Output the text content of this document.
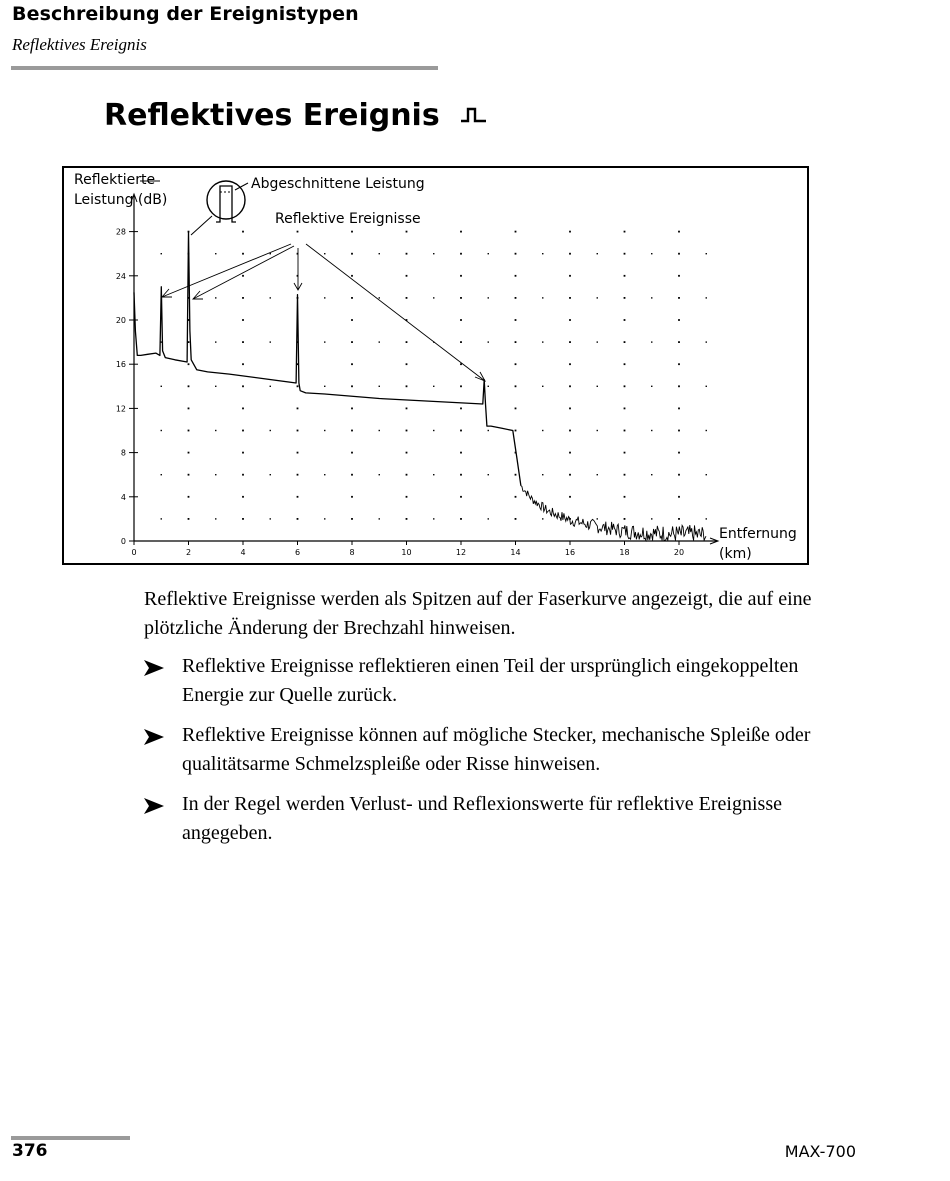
Beschreibung der Ereignistypen
Reflektives Ereignis
Reflektives Ereignis
0
4
8
12
16
20
24
28
0	2	4	6	8	10	12	14	16	18	20
Reflektierte
Leistung (dB)
Entfernung
(km)
Abgeschnittene Leistung
Reflektive Ereignisse
Reflektive Ereignisse werden als Spitzen auf der Faserkurve angezeigt, die auf eine plötzliche Änderung der Brechzahl hinweisen.
Reflektive Ereignisse reflektieren einen Teil der ursprünglich eingekoppelten Energie zur Quelle zurück.
Reflektive Ereignisse können auf mögliche Stecker, mechanische Spleiße oder qualitätsarme Schmelzspleiße oder Risse hinweisen.
In der Regel werden Verlust- und Reflexionswerte für reflektive Ereignisse angegeben.
376	MAX-700
